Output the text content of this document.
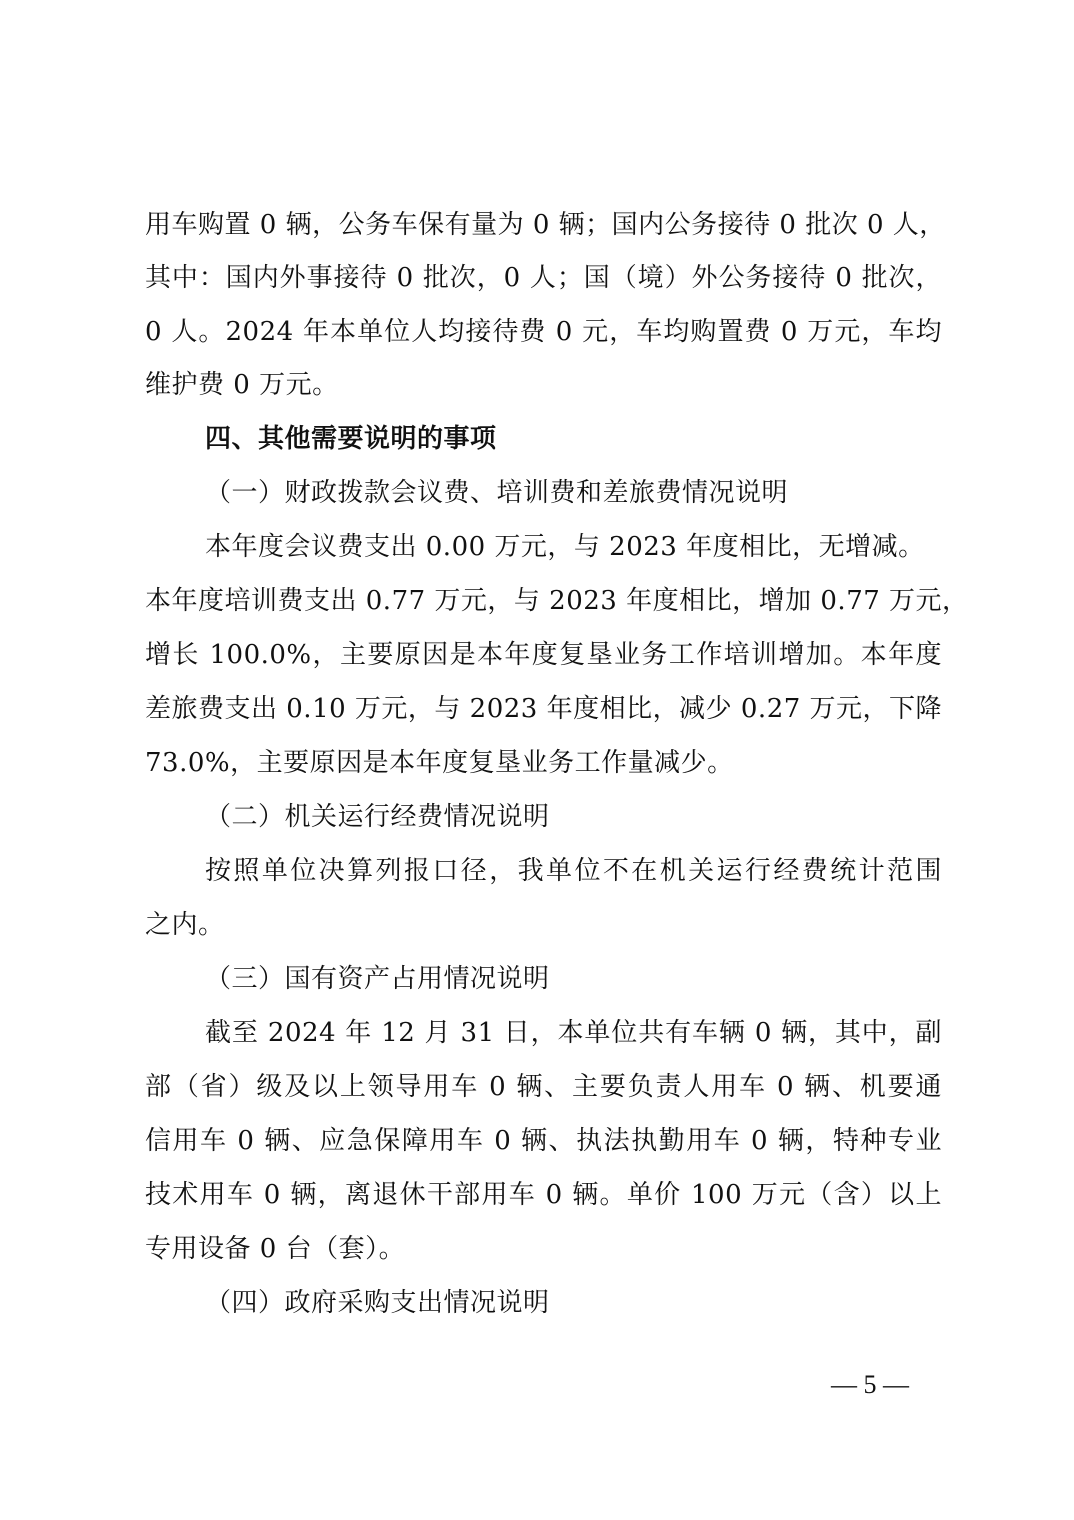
用车购置 0 辆，公务车保有量为 0 辆；国内公务接待 0 批次 0 人，
其中：国内外事接待 0 批次，0 人；国（境）外公务接待 0 批次，
0 人。2024 年本单位人均接待费 0 元，车均购置费 0 万元，车均
维护费 0 万元。
四、其他需要说明的事项
（一）财政拨款会议费、培训费和差旅费情况说明
本年度会议费支出 0.00 万元，与 2023 年度相比，无增减。
本年度培训费支出 0.77 万元，与 2023 年度相比，增加 0.77 万元，
增长 100.0%，主要原因是本年度复垦业务工作培训增加。本年度
差旅费支出 0.10 万元，与 2023 年度相比，减少 0.27 万元，下降
73.0%，主要原因是本年度复垦业务工作量减少。
（二）机关运行经费情况说明
按照单位决算列报口径，我单位不在机关运行经费统计范围
之内。
（三）国有资产占用情况说明
截至 2024 年 12 月 31 日，本单位共有车辆 0 辆，其中，副
部（省）级及以上领导用车 0 辆、主要负责人用车 0 辆、机要通
信用车 0 辆、应急保障用车 0 辆、执法执勤用车 0 辆，特种专业
技术用车 0 辆，离退休干部用车 0 辆。单价 100 万元（含）以上
专用设备 0 台（套）。
（四）政府采购支出情况说明
— 5 —
